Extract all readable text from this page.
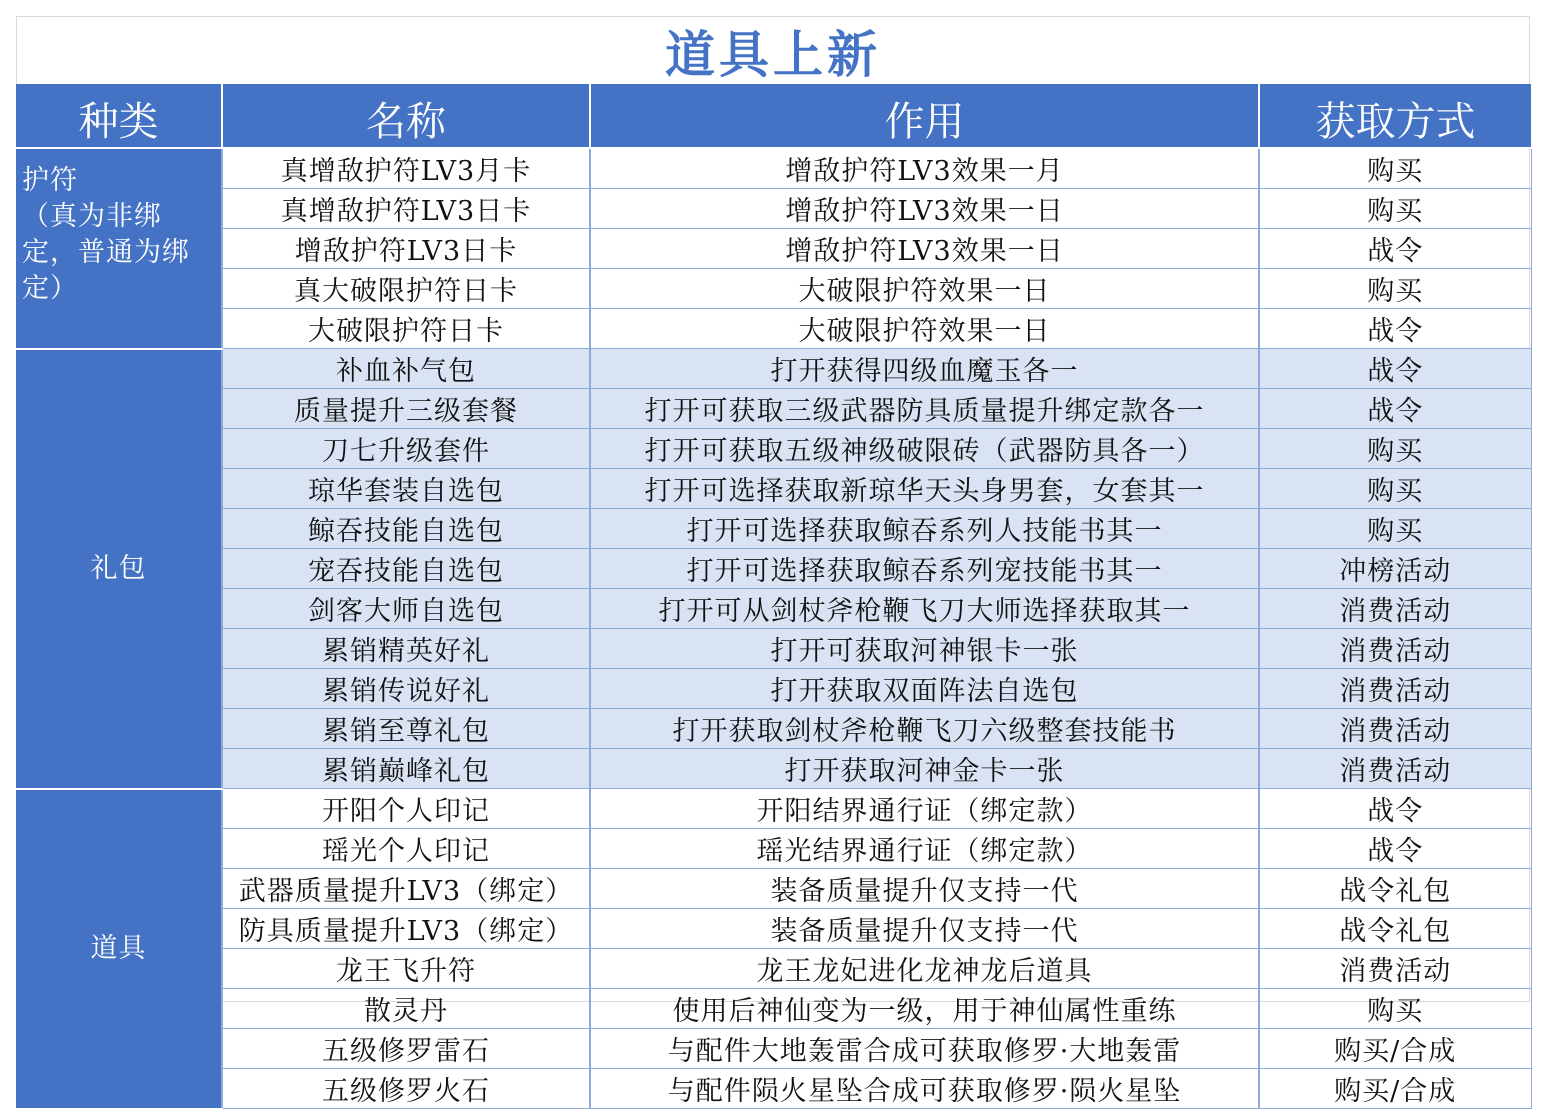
道具上新
种类	名称	作用	获取方式

护符
（真为非绑定，普通为绑定）	真增敌护符LV3月卡	增敌护符LV3效果一月	购买
	真增敌护符LV3日卡	增敌护符LV3效果一日	购买
	增敌护符LV3日卡	增敌护符LV3效果一日	战令
	真大破限护符日卡	大破限护符效果一日	购买
	大破限护符日卡	大破限护符效果一日	战令
礼包	补血补气包	打开获得四级血魔玉各一	战令
	质量提升三级套餐	打开可获取三级武器防具质量提升绑定款各一	战令
	刀七升级套件	打开可获取五级神级破限砖（武器防具各一）	购买
	琼华套装自选包	打开可选择获取新琼华天头身男套，女套其一	购买
	鲸吞技能自选包	打开可选择获取鲸吞系列人技能书其一	购买
	宠吞技能自选包	打开可选择获取鲸吞系列宠技能书其一	冲榜活动
	剑客大师自选包	打开可从剑杖斧枪鞭飞刀大师选择获取其一	消费活动
	累销精英好礼	打开可获取河神银卡一张	消费活动
	累销传说好礼	打开获取双面阵法自选包	消费活动
	累销至尊礼包	打开获取剑杖斧枪鞭飞刀六级整套技能书	消费活动
	累销巅峰礼包	打开获取河神金卡一张	消费活动
道具	开阳个人印记	开阳结界通行证（绑定款）	战令
	瑶光个人印记	瑶光结界通行证（绑定款）	战令
	武器质量提升LV3（绑定）	装备质量提升仅支持一代	战令礼包
	防具质量提升LV3（绑定）	装备质量提升仅支持一代	战令礼包
	龙王飞升符	龙王龙妃进化龙神龙后道具	消费活动
	散灵丹	使用后神仙变为一级，用于神仙属性重练	购买
	五级修罗雷石	与配件大地轰雷合成可获取修罗·大地轰雷	购买/合成
	五级修罗火石	与配件陨火星坠合成可获取修罗·陨火星坠	购买/合成
